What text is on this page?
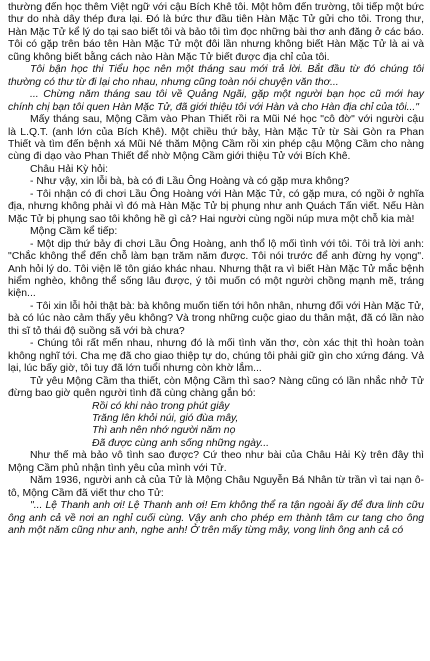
thường đến học thêm Việt ngữ với cậu Bích Khê tôi. Một hôm đến trường, tôi tiếp một bức thư do nhà dây thép đưa lại. Đó là bức thư đầu tiên Hàn Mặc Tử gửi cho tôi. Trong thư, Hàn Mặc Tử kể lý do tại sao biết tôi và bảo tôi tìm đọc những bài thơ anh đăng ở các báo. Tôi có gặp trên báo tên Hàn Mặc Tử một đôi lần nhưng không biết Hàn Mặc Tử là ai và cũng không biết bằng cách nào Hàn Mặc Tử biết được địa chỉ của tôi.

Tôi bận học thi Tiểu học nên một tháng sau mới trả lời. Bắt đầu từ đó chúng tôi thường có thư từ đi lại cho nhau, nhưng cũng toàn nói chuyện văn thơ...

... Chừng năm tháng sau tôi về Quảng Ngãi, gặp một người bạn học cũ mới hay chính chị bạn tôi quen Hàn Mặc Tử, đã giới thiệu tôi với Hàn và cho Hàn địa chỉ của tôi..."

Mấy tháng sau, Mộng Cầm vào Phan Thiết rồi ra Mũi Né học "cô đờ" với người cậu là L.Q.T. (anh lớn của Bích Khê). Một chiều thứ bảy, Hàn Mặc Tử từ Sài Gòn ra Phan Thiết và tìm đến bệnh xá Mũi Né thăm Mộng Cầm rồi xin phép cậu Mộng Cầm cho nàng cùng đi dạo vào Phan Thiết để nhờ Mộng Cầm giới thiệu Tử với Bích Khê.

Châu Hải Kỳ hỏi:

- Như vậy, xin lỗi bà, bà có đi Lầu Ông Hoàng và có gặp mưa không?

- Tôi nhận có đi chơi Lầu Ông Hoàng với Hàn Mặc Tử, có gặp mưa, có ngồi ở nghĩa địa, nhưng không phải vì đó mà Hàn Mặc Tử bị phụng như anh Quách Tấn viết. Nếu Hàn Mặc Tử bị phụng sao tôi không hề gì cả? Hai người cùng ngồi núp mưa một chỗ kia mà!

Mộng Cầm kể tiếp:

- Một dịp thứ bảy đi chơi Lầu Ông Hoàng, anh thổ lộ mối tình với tôi. Tôi trả lời anh: "Chắc không thể đến chỗ làm bạn trăm năm được. Tôi nói trước để anh đừng hy vọng". Anh hỏi lý do. Tôi viện lẽ tôn giáo khác nhau. Nhưng thật ra vì biết Hàn Mặc Tử mắc bệnh hiểm nghèo, không thể sống lâu được, ý tôi muốn có một người chồng mạnh mẽ, tráng kiện...

- Tôi xin lỗi hỏi thật bà: bà không muốn tiến tới hôn nhân, nhưng đối với Hàn Mặc Tử, bà có lúc nào cảm thấy yêu không? Và trong những cuộc giao du thân mật, đã có lần nào thi sĩ tỏ thái độ suồng sã với bà chưa?

- Chúng tôi rất mến nhau, nhưng đó là mối tình văn thơ, còn xác thịt thì hoàn toàn không nghĩ tới. Cha mẹ đã cho giao thiệp tự do, chúng tôi phải giữ gìn cho xứng đáng. Vả lại, lúc bấy giờ, tôi tuy đã lớn tuổi nhưng còn khờ lắm...

Tử yêu Mộng Cầm tha thiết, còn Mộng Cầm thì sao? Nàng cũng có lần nhắc nhở Tử đừng bao giờ quên người tình đã cùng chàng gắn bó:

Rồi có khi nào trong phút giây
Trăng lên khỏi núi, gió đùa mây,
Thì anh nên nhớ người năm nọ
Đã được cùng anh sống những ngày...

Như thế mà bảo vô tình sao được? Cứ theo như bài của Châu Hải Kỳ trên đây thì Mộng Cầm phủ nhận tình yêu của mình với Tử.

Năm 1936, người anh cả của Tử là Mộng Châu Nguyễn Bá Nhân từ trần vì tai nạn ô-tô, Mộng Cầm đã viết thư cho Tử:

"... Lệ Thanh anh ơi! Lệ Thanh anh ơi! Em không thể ra tận ngoài ấy để đưa linh cữu ông anh cả về nơi an nghỉ cuối cùng. Vậy anh cho phép em thành tâm cư tang cho ông anh một năm cũng như anh, nghe anh! Ở trên mấy từng mây, vong linh ông anh cả có
